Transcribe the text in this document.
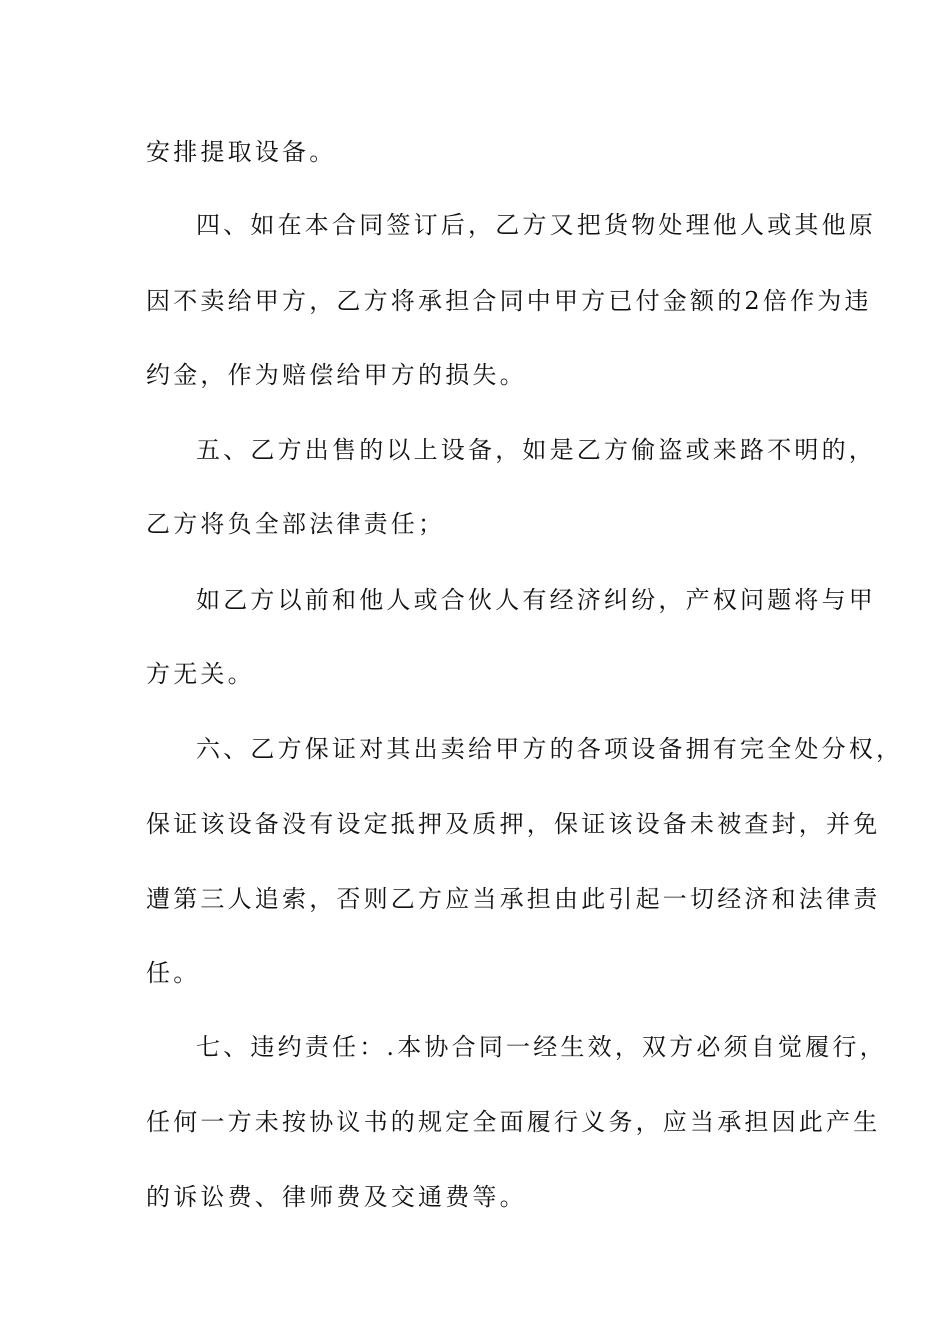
安排提取设备。
四、如在本合同签订后，乙方又把货物处理他人或其他原
因不卖给甲方，乙方将承担合同中甲方已付金额的2倍作为违
约金，作为赔偿给甲方的损失。
五、乙方出售的以上设备，如是乙方偷盗或来路不明的，
乙方将负全部法律责任；
如乙方以前和他人或合伙人有经济纠纷，产权问题将与甲
方无关。
六、乙方保证对其出卖给甲方的各项设备拥有完全处分权，
保证该设备没有设定抵押及质押，保证该设备未被查封，并免
遭第三人追索，否则乙方应当承担由此引起一切经济和法律责
任。
七、违约责任：.本协合同一经生效，双方必须自觉履行，
任何一方未按协议书的规定全面履行义务，应当承担因此产生
的诉讼费、律师费及交通费等。
